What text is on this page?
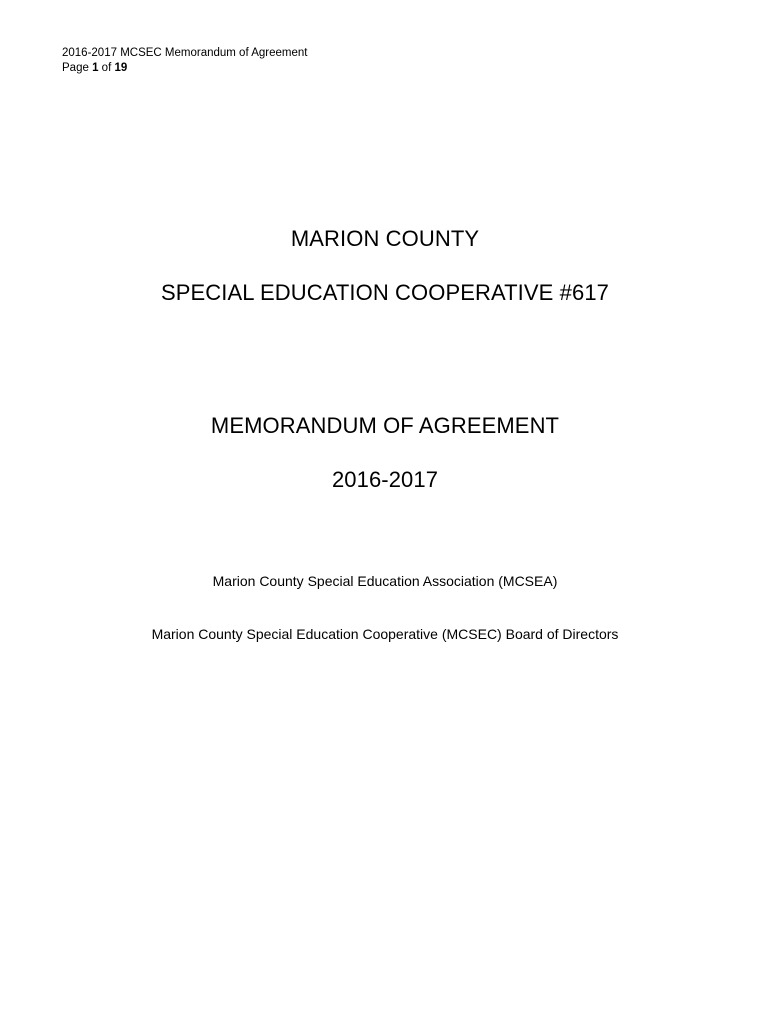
2016-2017 MCSEC Memorandum of Agreement
Page 1 of 19
MARION COUNTY
SPECIAL EDUCATION COOPERATIVE #617
MEMORANDUM OF AGREEMENT
2016-2017
Marion County Special Education Association (MCSEA)
Marion County Special Education Cooperative (MCSEC) Board of Directors
